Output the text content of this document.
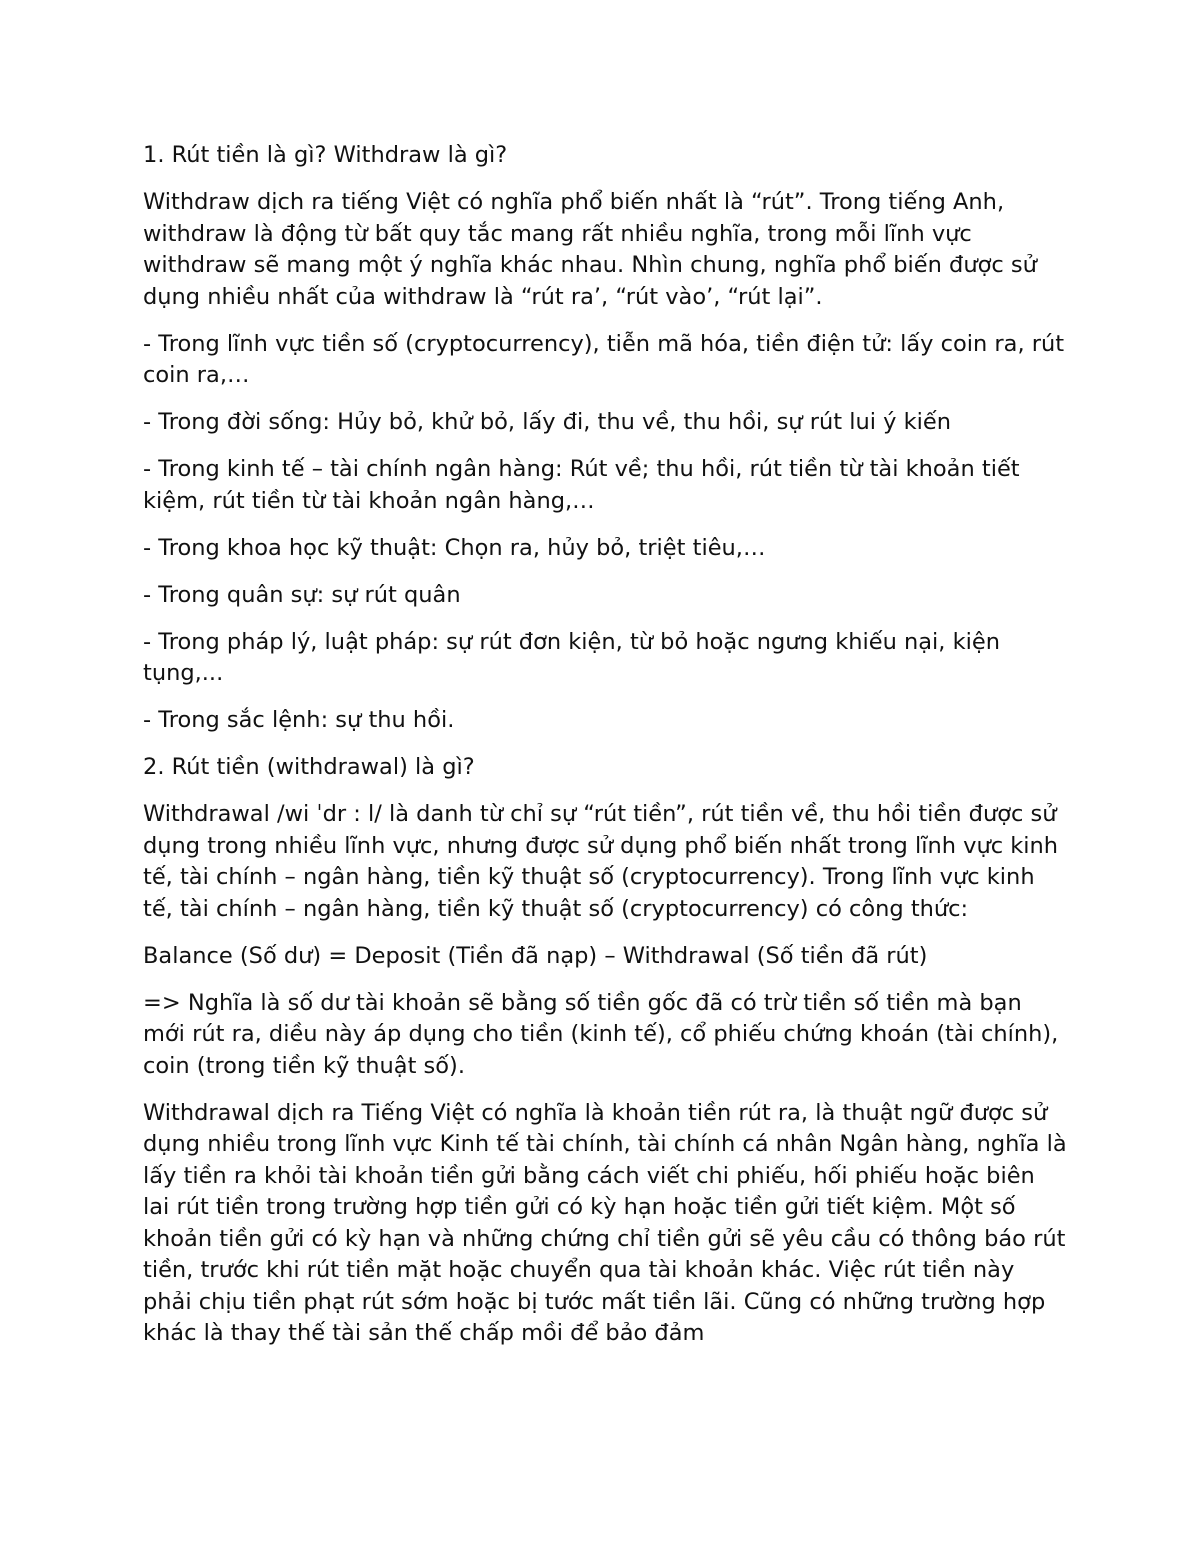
1. Rút tiền là gì? Withdraw là gì?

Withdraw dịch ra tiếng Việt có nghĩa phổ biến nhất là “rút”. Trong tiếng Anh, withdraw là động từ bất quy tắc mang rất nhiều nghĩa, trong mỗi lĩnh vực withdraw sẽ mang một ý nghĩa khác nhau. Nhìn chung, nghĩa phổ biến được sử dụng nhiều nhất của withdraw là “rút ra’, “rút vào’, “rút lại”.

- Trong lĩnh vực tiền số (cryptocurrency), tiễn mã hóa, tiền điện tử: lấy coin ra, rút coin ra,…

- Trong đời sống: Hủy bỏ, khử bỏ, lấy đi, thu về, thu hồi, sự rút lui ý kiến

- Trong kinh tế – tài chính ngân hàng: Rút về; thu hồi, rút tiền từ tài khoản tiết kiệm, rút tiền từ tài khoản ngân hàng,…

- Trong khoa học kỹ thuật: Chọn ra, hủy bỏ, triệt tiêu,…

- Trong quân sự: sự rút quân

- Trong pháp lý, luật pháp: sự rút đơn kiện, từ bỏ hoặc ngưng khiếu nại, kiện tụng,...

- Trong sắc lệnh: sự thu hồi.

2. Rút tiền (withdrawal) là gì?

Withdrawal /wi ˈdr : l/ là danh từ chỉ sự “rút tiền”, rút tiền về, thu hồi tiền được sử dụng trong nhiều lĩnh vực, nhưng được sử dụng phổ biến nhất trong lĩnh vực kinh tế, tài chính – ngân hàng, tiền kỹ thuật số (cryptocurrency). Trong lĩnh vực kinh tế, tài chính – ngân hàng, tiền kỹ thuật số (cryptocurrency) có công thức:

Balance (Số dư) = Deposit (Tiền đã nạp) – Withdrawal (Số tiền đã rút)

=> Nghĩa là số dư tài khoản sẽ bằng số tiền gốc đã có trừ tiền số tiền mà bạn mới rút ra, diều này áp dụng cho tiền (kinh tế), cổ phiếu chứng khoán (tài chính), coin (trong tiền kỹ thuật số).

Withdrawal dịch ra Tiếng Việt có nghĩa là khoản tiền rút ra, là thuật ngữ được sử dụng nhiều trong lĩnh vực Kinh tế tài chính, tài chính cá nhân Ngân hàng, nghĩa là lấy tiền ra khỏi tài khoản tiền gửi bằng cách viết chi phiếu, hối phiếu hoặc biên lai rút tiền trong trường hợp tiền gửi có kỳ hạn hoặc tiền gửi tiết kiệm. Một số khoản tiền gửi có kỳ hạn và những chứng chỉ tiền gửi sẽ yêu cầu có thông báo rút tiền, trước khi rút tiền mặt hoặc chuyển qua tài khoản khác. Việc rút tiền này phải chịu tiền phạt rút sớm hoặc bị tước mất tiền lãi. Cũng có những trường hợp khác là thay thế tài sản thế chấp mồi để bảo đảm
